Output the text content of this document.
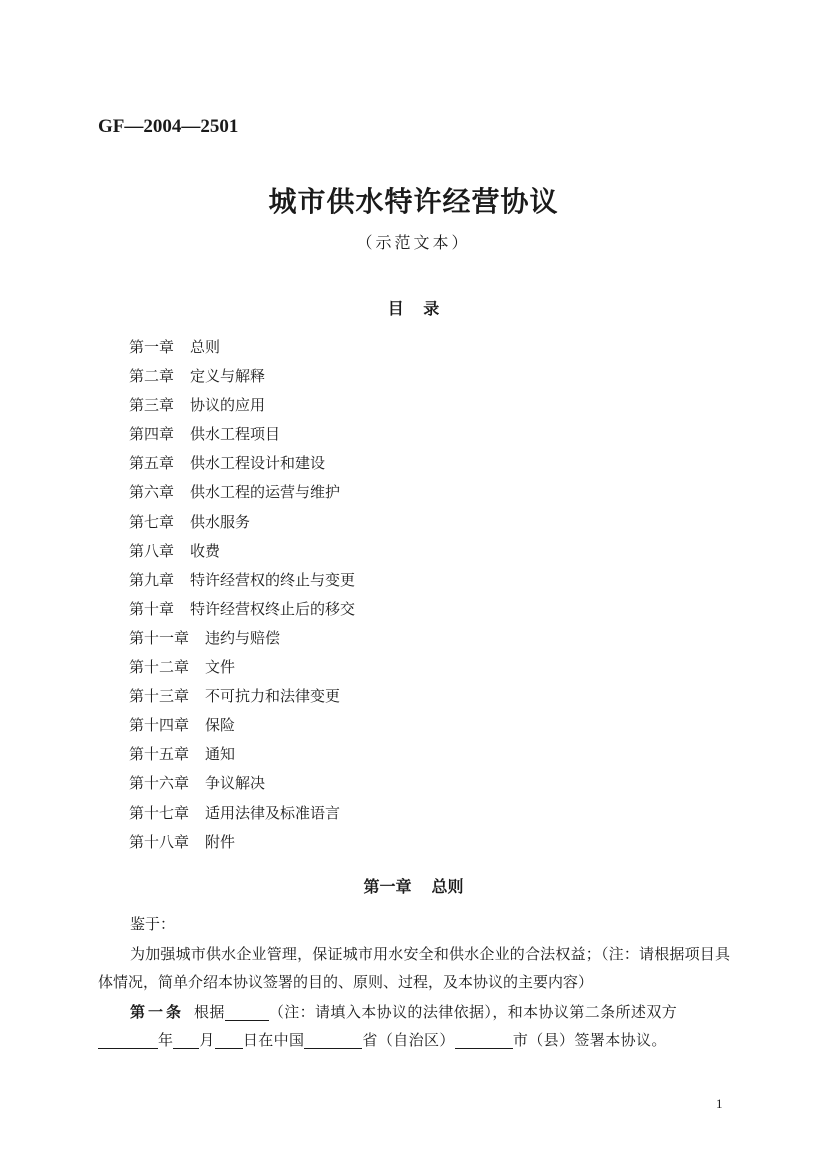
GF—2004—2501
城市供水特许经营协议
（示范文本）
目 录
第一章 总则
第二章 定义与解释
第三章 协议的应用
第四章 供水工程项目
第五章 供水工程设计和建设
第六章 供水工程的运营与维护
第七章 供水服务
第八章 收费
第九章 特许经营权的终止与变更
第十章 特许经营权终止后的移交
第十一章 违约与赔偿
第十二章 文件
第十三章 不可抗力和法律变更
第十四章 保险
第十五章 通知
第十六章 争议解决
第十七章 适用法律及标准语言
第十八章 附件
第一章 总则
鉴于：
为加强城市供水企业管理，保证城市用水安全和供水企业的合法权益；（注：请根据项目具体情况，简单介绍本协议签署的目的、原则、过程，及本协议的主要内容）
第一条 根据	（注：请填入本协议的法律依据），和本协议第二条所述双方
年 月 日在中国	省（自治区）	市（县）签署本协议。
1
